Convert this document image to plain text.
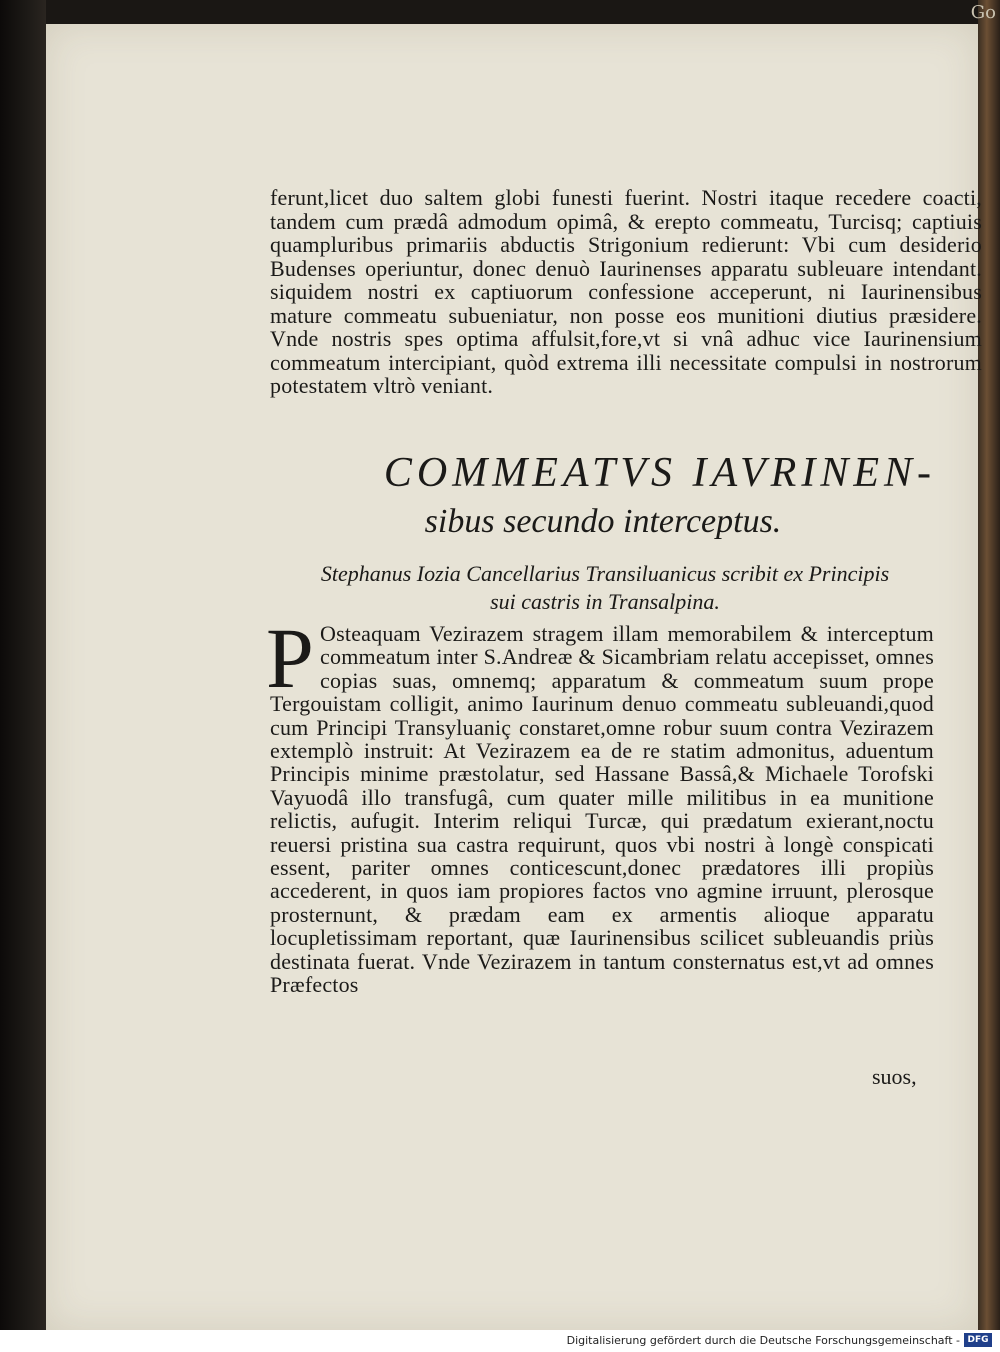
Go
ferunt,licet duo saltem globi funesti fuerint. Nostri itaque recedere coacti, tandem cum prædâ admodum opimâ, & erepto commeatu, Turcisq; captiuis quampluribus primariis abductis Strigonium redierunt: Vbi cum desiderio Budenses operiuntur, donec denuò Iaurinenses apparatu subleuare intendant. siquidem nostri ex captiuorum confessione acceperunt, ni Iaurinensibus mature commeatu subueniatur, non posse eos munitioni diutius præsidere. Vnde nostris spes optima affulsit,fore,vt si vnâ adhuc vice Iaurinensium commeatum intercipiant, quòd extrema illi necessitate compulsi in nostrorum potestatem vltrò veniant.
COMMEATVS IAVRINEN-
sibus secundo interceptus.
Stephanus Iozia Cancellarius Transiluanicus scribit ex Principis
sui castris in Transalpina.
P Osteaquam Vezirazem stragem illam memorabilem & interceptum commeatum inter S.Andreæ & Sicambriam relatu accepisset, omnes copias suas, omnemq; apparatum & commeatum suum prope Tergouistam colligit, animo Iaurinum denuo commeatu subleuandi,quod cum Principi Transyluaniç constaret,omne robur suum contra Vezirazem extemplò instruit: At Vezirazem ea de re statim admonitus, aduentum Principis minime præstolatur, sed Hassane Bassâ,& Michaele Torofski Vayuodâ illo transfugâ, cum quater mille militibus in ea munitione relictis, aufugit. Interim reliqui Turcæ, qui prædatum exierant,noctu reuersi pristina sua castra requirunt, quos vbi nostri à longè conspicati essent, pariter omnes conticescunt,donec prædatores illi propiùs accederent, in quos iam propiores factos vno agmine irruunt, plerosque prosternunt, & prædam eam ex armentis alioque apparatu locupletissimam reportant, quæ Iaurinensibus scilicet subleuandis priùs destinata fuerat. Vnde Vezirazem in tantum consternatus est,vt ad omnes Præfectos
suos,
Digitalisierung gefördert durch die Deutsche Forschungsgemeinschaft - DFG
